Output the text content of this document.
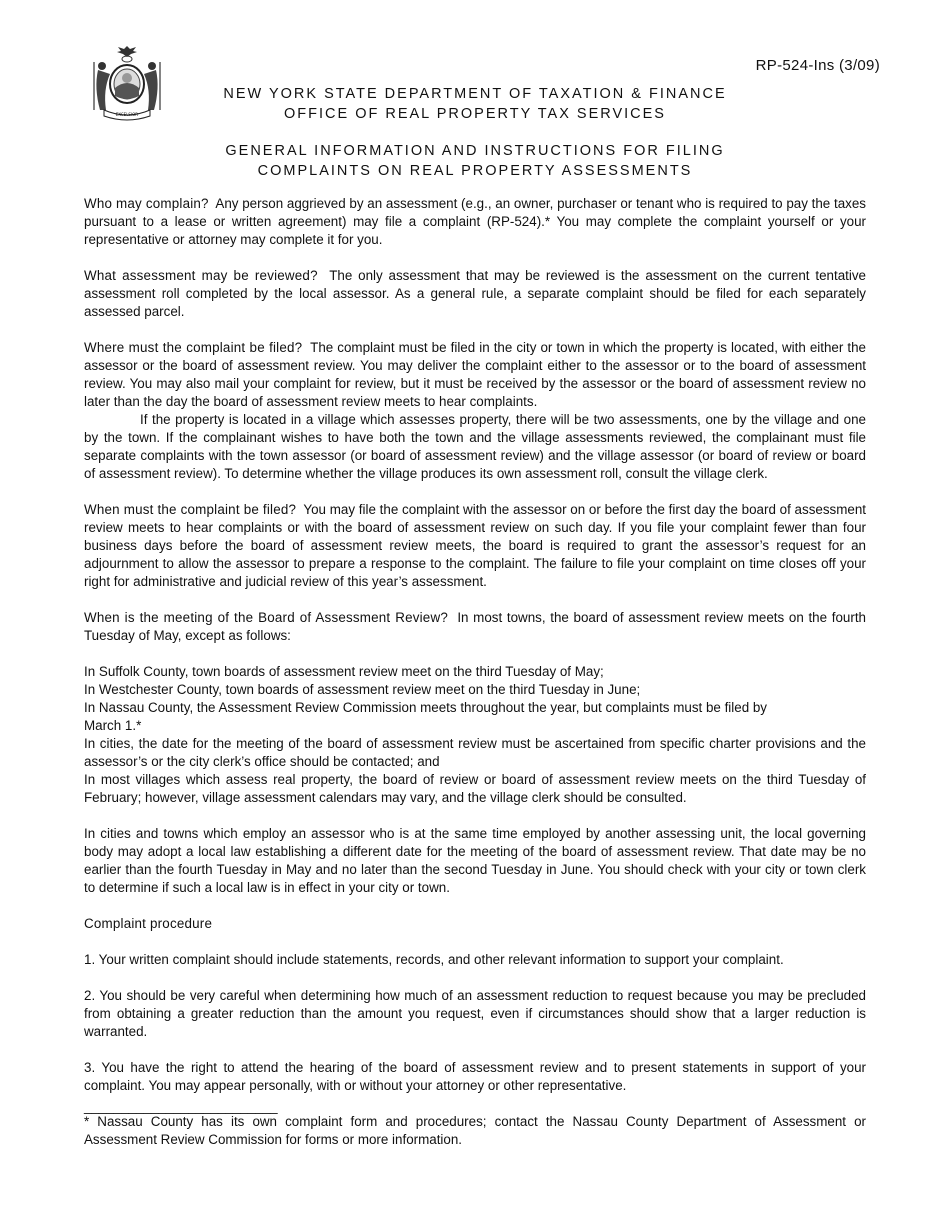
EXCELSIOR
RP-524-Ins (3/09)
NEW YORK STATE DEPARTMENT OF TAXATION & FINANCE
OFFICE OF REAL PROPERTY TAX SERVICES
GENERAL INFORMATION AND INSTRUCTIONS FOR FILING
COMPLAINTS ON REAL PROPERTY ASSESSMENTS

Who may complain? Any person aggrieved by an assessment (e.g., an owner, purchaser or tenant who is required to pay the taxes pursuant to a lease or written agreement) may file a complaint (RP-524).* You may complete the complaint yourself or your representative or attorney may complete it for you.

What assessment may be reviewed? The only assessment that may be reviewed is the assessment on the current tentative assessment roll completed by the local assessor. As a general rule, a separate complaint should be filed for each separately assessed parcel.

Where must the complaint be filed? The complaint must be filed in the city or town in which the property is located, with either the assessor or the board of assessment review. You may deliver the complaint either to the assessor or to the board of assessment review. You may also mail your complaint for review, but it must be received by the assessor or the board of assessment review no later than the day the board of assessment review meets to hear complaints.

If the property is located in a village which assesses property, there will be two assessments, one by the village and one by the town. If the complainant wishes to have both the town and the village assessments reviewed, the complainant must file separate complaints with the town assessor (or board of assessment review) and the village assessor (or board of review or board of assessment review). To determine whether the village produces its own assessment roll, consult the village clerk.

When must the complaint be filed? You may file the complaint with the assessor on or before the first day the board of assessment review meets to hear complaints or with the board of assessment review on such day. If you file your complaint fewer than four business days before the board of assessment review meets, the board is required to grant the assessor’s request for an adjournment to allow the assessor to prepare a response to the complaint. The failure to file your complaint on time closes off your right for administrative and judicial review of this year’s assessment.

When is the meeting of the Board of Assessment Review? In most towns, the board of assessment review meets on the fourth Tuesday of May, except as follows:

In Suffolk County, town boards of assessment review meet on the third Tuesday of May;

In Westchester County, town boards of assessment review meet on the third Tuesday in June;

In Nassau County, the Assessment Review Commission meets throughout the year, but complaints must be filed by

March 1.*

In cities, the date for the meeting of the board of assessment review must be ascertained from specific charter provisions and the assessor’s or the city clerk’s office should be contacted; and

In most villages which assess real property, the board of review or board of assessment review meets on the third Tuesday of February; however, village assessment calendars may vary, and the village clerk should be consulted.

In cities and towns which employ an assessor who is at the same time employed by another assessing unit, the local governing body may adopt a local law establishing a different date for the meeting of the board of assessment review. That date may be no earlier than the fourth Tuesday in May and no later than the second Tuesday in June. You should check with your city or town clerk to determine if such a local law is in effect in your city or town.

Complaint procedure

1. Your written complaint should include statements, records, and other relevant information to support your complaint.

2. You should be very careful when determining how much of an assessment reduction to request because you may be precluded from obtaining a greater reduction than the amount you request, even if circumstances should show that a larger reduction is warranted.

3. You have the right to attend the hearing of the board of assessment review and to present statements in support of your complaint. You may appear personally, with or without your attorney or other representative.

__________________________

* Nassau County has its own complaint form and procedures; contact the Nassau County Department of Assessment or Assessment Review Commission for forms or more information.
